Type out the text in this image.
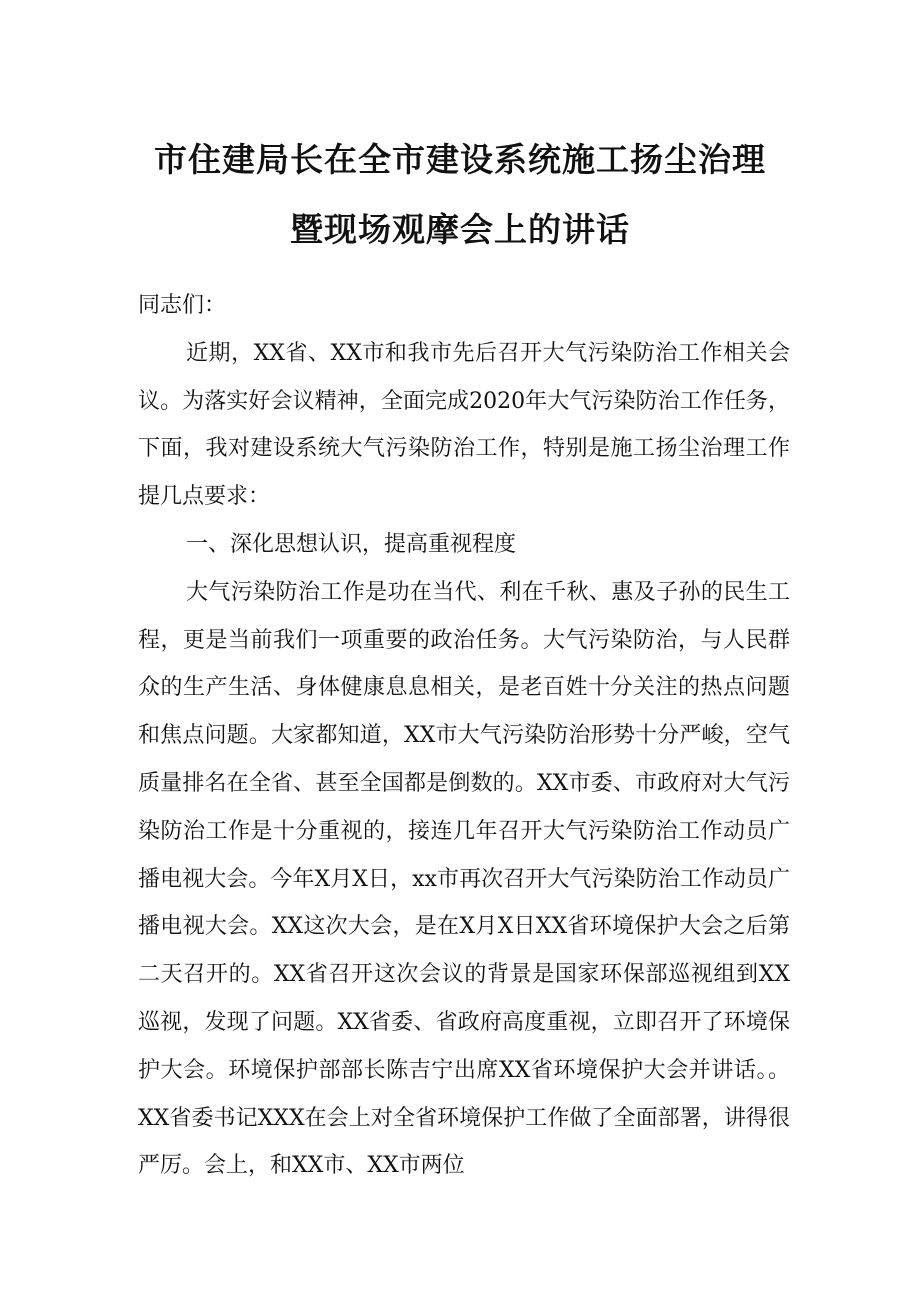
市住建局长在全市建设系统施工扬尘治理
暨现场观摩会上的讲话

同志们：

近期，XX省、XX市和我市先后召开大气污染防治工作相关会议。为落实好会议精神，全面完成2020年大气污染防治工作任务，下面，我对建设系统大气污染防治工作，特别是施工扬尘治理工作提几点要求：

一、深化思想认识，提高重视程度

大气污染防治工作是功在当代、利在千秋、惠及子孙的民生工程，更是当前我们一项重要的政治任务。大气污染防治，与人民群众的生产生活、身体健康息息相关，是老百姓十分关注的热点问题和焦点问题。大家都知道，XX市大气污染防治形势十分严峻，空气质量排名在全省、甚至全国都是倒数的。XX市委、市政府对大气污染防治工作是十分重视的，接连几年召开大气污染防治工作动员广播电视大会。今年X月X日，xx市再次召开大气污染防治工作动员广播电视大会。XX这次大会，是在X月X日XX省环境保护大会之后第二天召开的。XX省召开这次会议的背景是国家环保部巡视组到XX巡视，发现了问题。XX省委、省政府高度重视，立即召开了环境保护大会。环境保护部部长陈吉宁出席XX省环境保护大会并讲话。。XX省委书记XXX在会上对全省环境保护工作做了全面部署，讲得很严厉。会上，和XX市、XX市两位
